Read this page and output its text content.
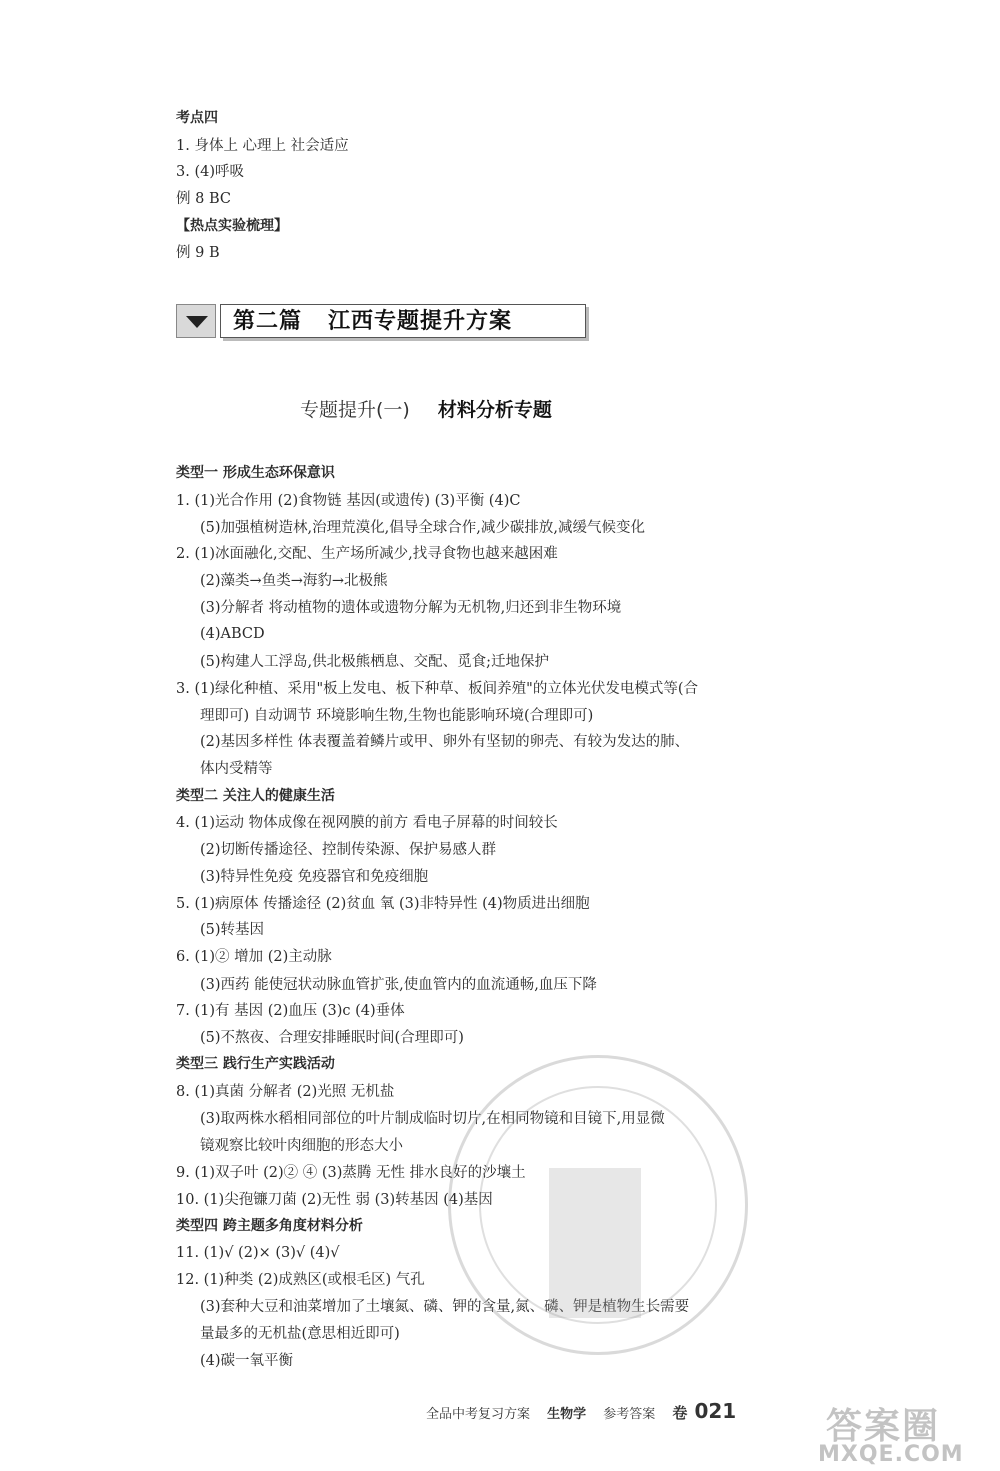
考点四
1. 身体上 心理上 社会适应
3. (4)呼吸
例 8 BC
【热点实验梳理】
例 9 B
第二篇   江西专题提升方案
专题提升(一) 材料分析专题
类型一 形成生态环保意识
1. (1)光合作用 (2)食物链 基因(或遗传) (3)平衡 (4)C
(5)加强植树造林,治理荒漠化,倡导全球合作,减少碳排放,减缓气候变化
2. (1)冰面融化,交配、生产场所减少,找寻食物也越来越困难
(2)藻类→鱼类→海豹→北极熊
(3)分解者 将动植物的遗体或遗物分解为无机物,归还到非生物环境
(4)ABCD
(5)构建人工浮岛,供北极熊栖息、交配、觅食;迁地保护
3. (1)绿化种植、采用"板上发电、板下种草、板间养殖"的立体光伏发电模式等(合
理即可) 自动调节 环境影响生物,生物也能影响环境(合理即可)
(2)基因多样性 体表覆盖着鳞片或甲、卵外有坚韧的卵壳、有较为发达的肺、
体内受精等
类型二 关注人的健康生活
4. (1)运动 物体成像在视网膜的前方 看电子屏幕的时间较长
(2)切断传播途径、控制传染源、保护易感人群
(3)特异性免疫 免疫器官和免疫细胞
5. (1)病原体 传播途径 (2)贫血 氧 (3)非特异性 (4)物质进出细胞
(5)转基因
6. (1)② 增加 (2)主动脉
(3)西药 能使冠状动脉血管扩张,使血管内的血流通畅,血压下降
7. (1)有 基因 (2)血压 (3)c (4)垂体
(5)不熬夜、合理安排睡眠时间(合理即可)
类型三 践行生产实践活动
8. (1)真菌 分解者 (2)光照 无机盐
(3)取两株水稻相同部位的叶片制成临时切片,在相同物镜和目镜下,用显微
镜观察比较叶肉细胞的形态大小
9. (1)双子叶 (2)② ④ (3)蒸腾 无性 排水良好的沙壤土
10. (1)尖孢镰刀菌 (2)无性 弱 (3)转基因 (4)基因
类型四 跨主题多角度材料分析
11. (1)√ (2)× (3)√ (4)√
12. (1)种类 (2)成熟区(或根毛区) 气孔
(3)套种大豆和油菜增加了土壤氮、磷、钾的含量,氮、磷、钾是植物生长需要
量最多的无机盐(意思相近即可)
(4)碳一氧平衡
全品中考复习方案 生物学 参考答案 卷 021 答案圈
MXQE.COM
